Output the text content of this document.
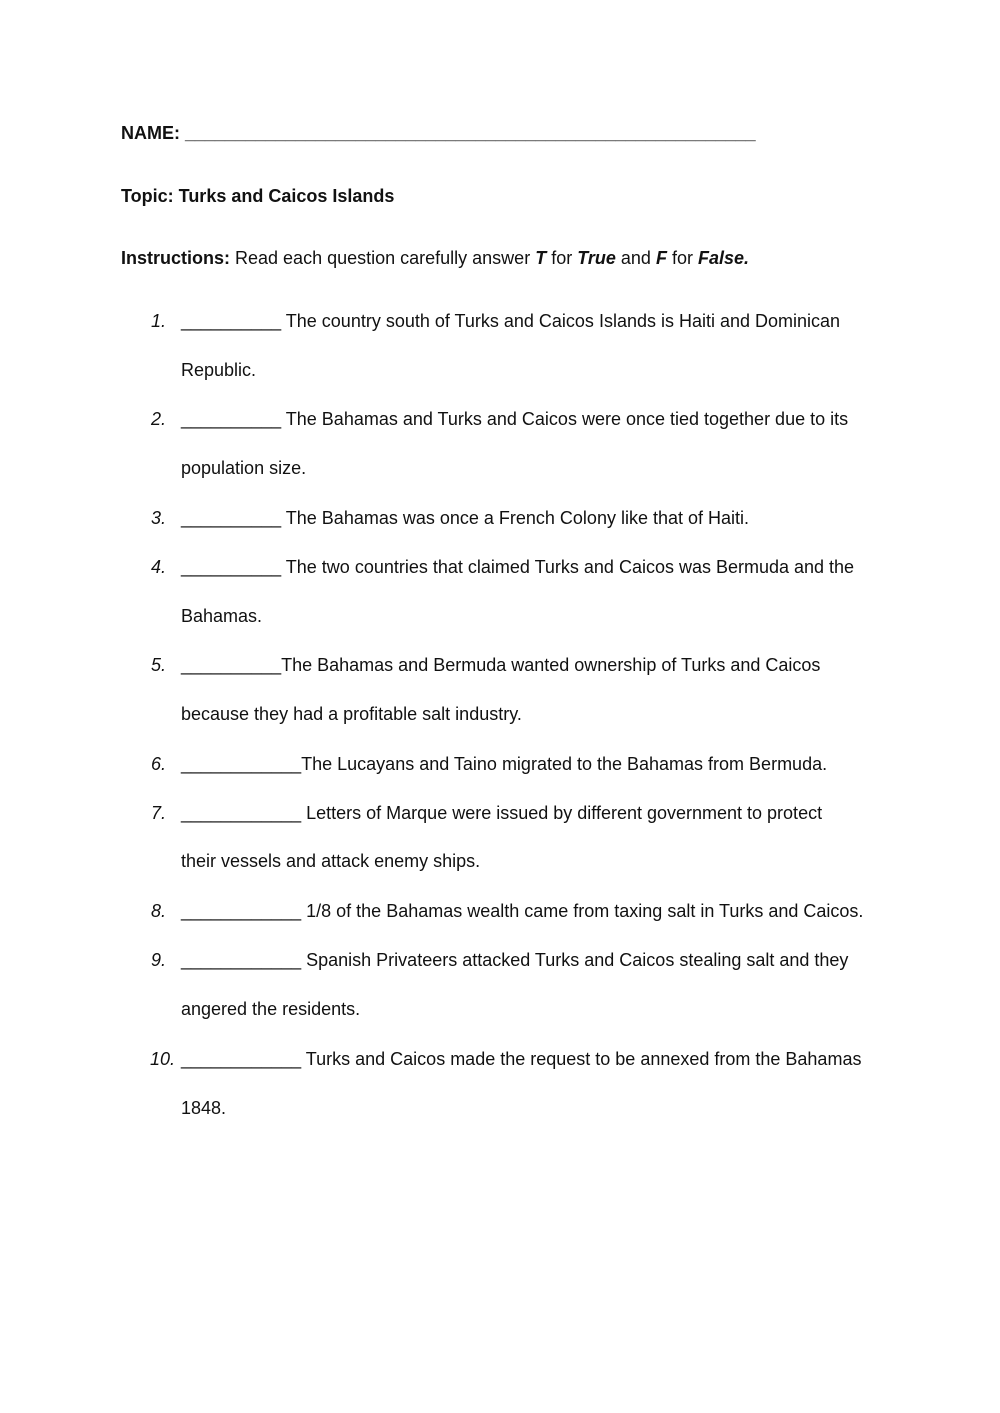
NAME: _________________________________________________________
Topic: Turks and Caicos Islands
Instructions: Read each question carefully answer T for True and F for False.
1. __________ The country south of Turks and Caicos Islands is Haiti and Dominican
Republic.
2. __________ The Bahamas and Turks and Caicos were once tied together due to its
population size.
3. __________ The Bahamas was once a French Colony like that of Haiti.
4. __________ The two countries that claimed Turks and Caicos was Bermuda and the
Bahamas.
5. __________The Bahamas and Bermuda wanted ownership of Turks and Caicos
because they had a profitable salt industry.
6. ____________The Lucayans and Taino migrated to the Bahamas from Bermuda.
7. ____________ Letters of Marque were issued by different government to protect
their vessels and attack enemy ships.
8. ____________ 1/8 of the Bahamas wealth came from taxing salt in Turks and Caicos.
9. ____________ Spanish Privateers attacked Turks and Caicos stealing salt and they
angered the residents.
10. ____________ Turks and Caicos made the request to be annexed from the Bahamas
1848.
